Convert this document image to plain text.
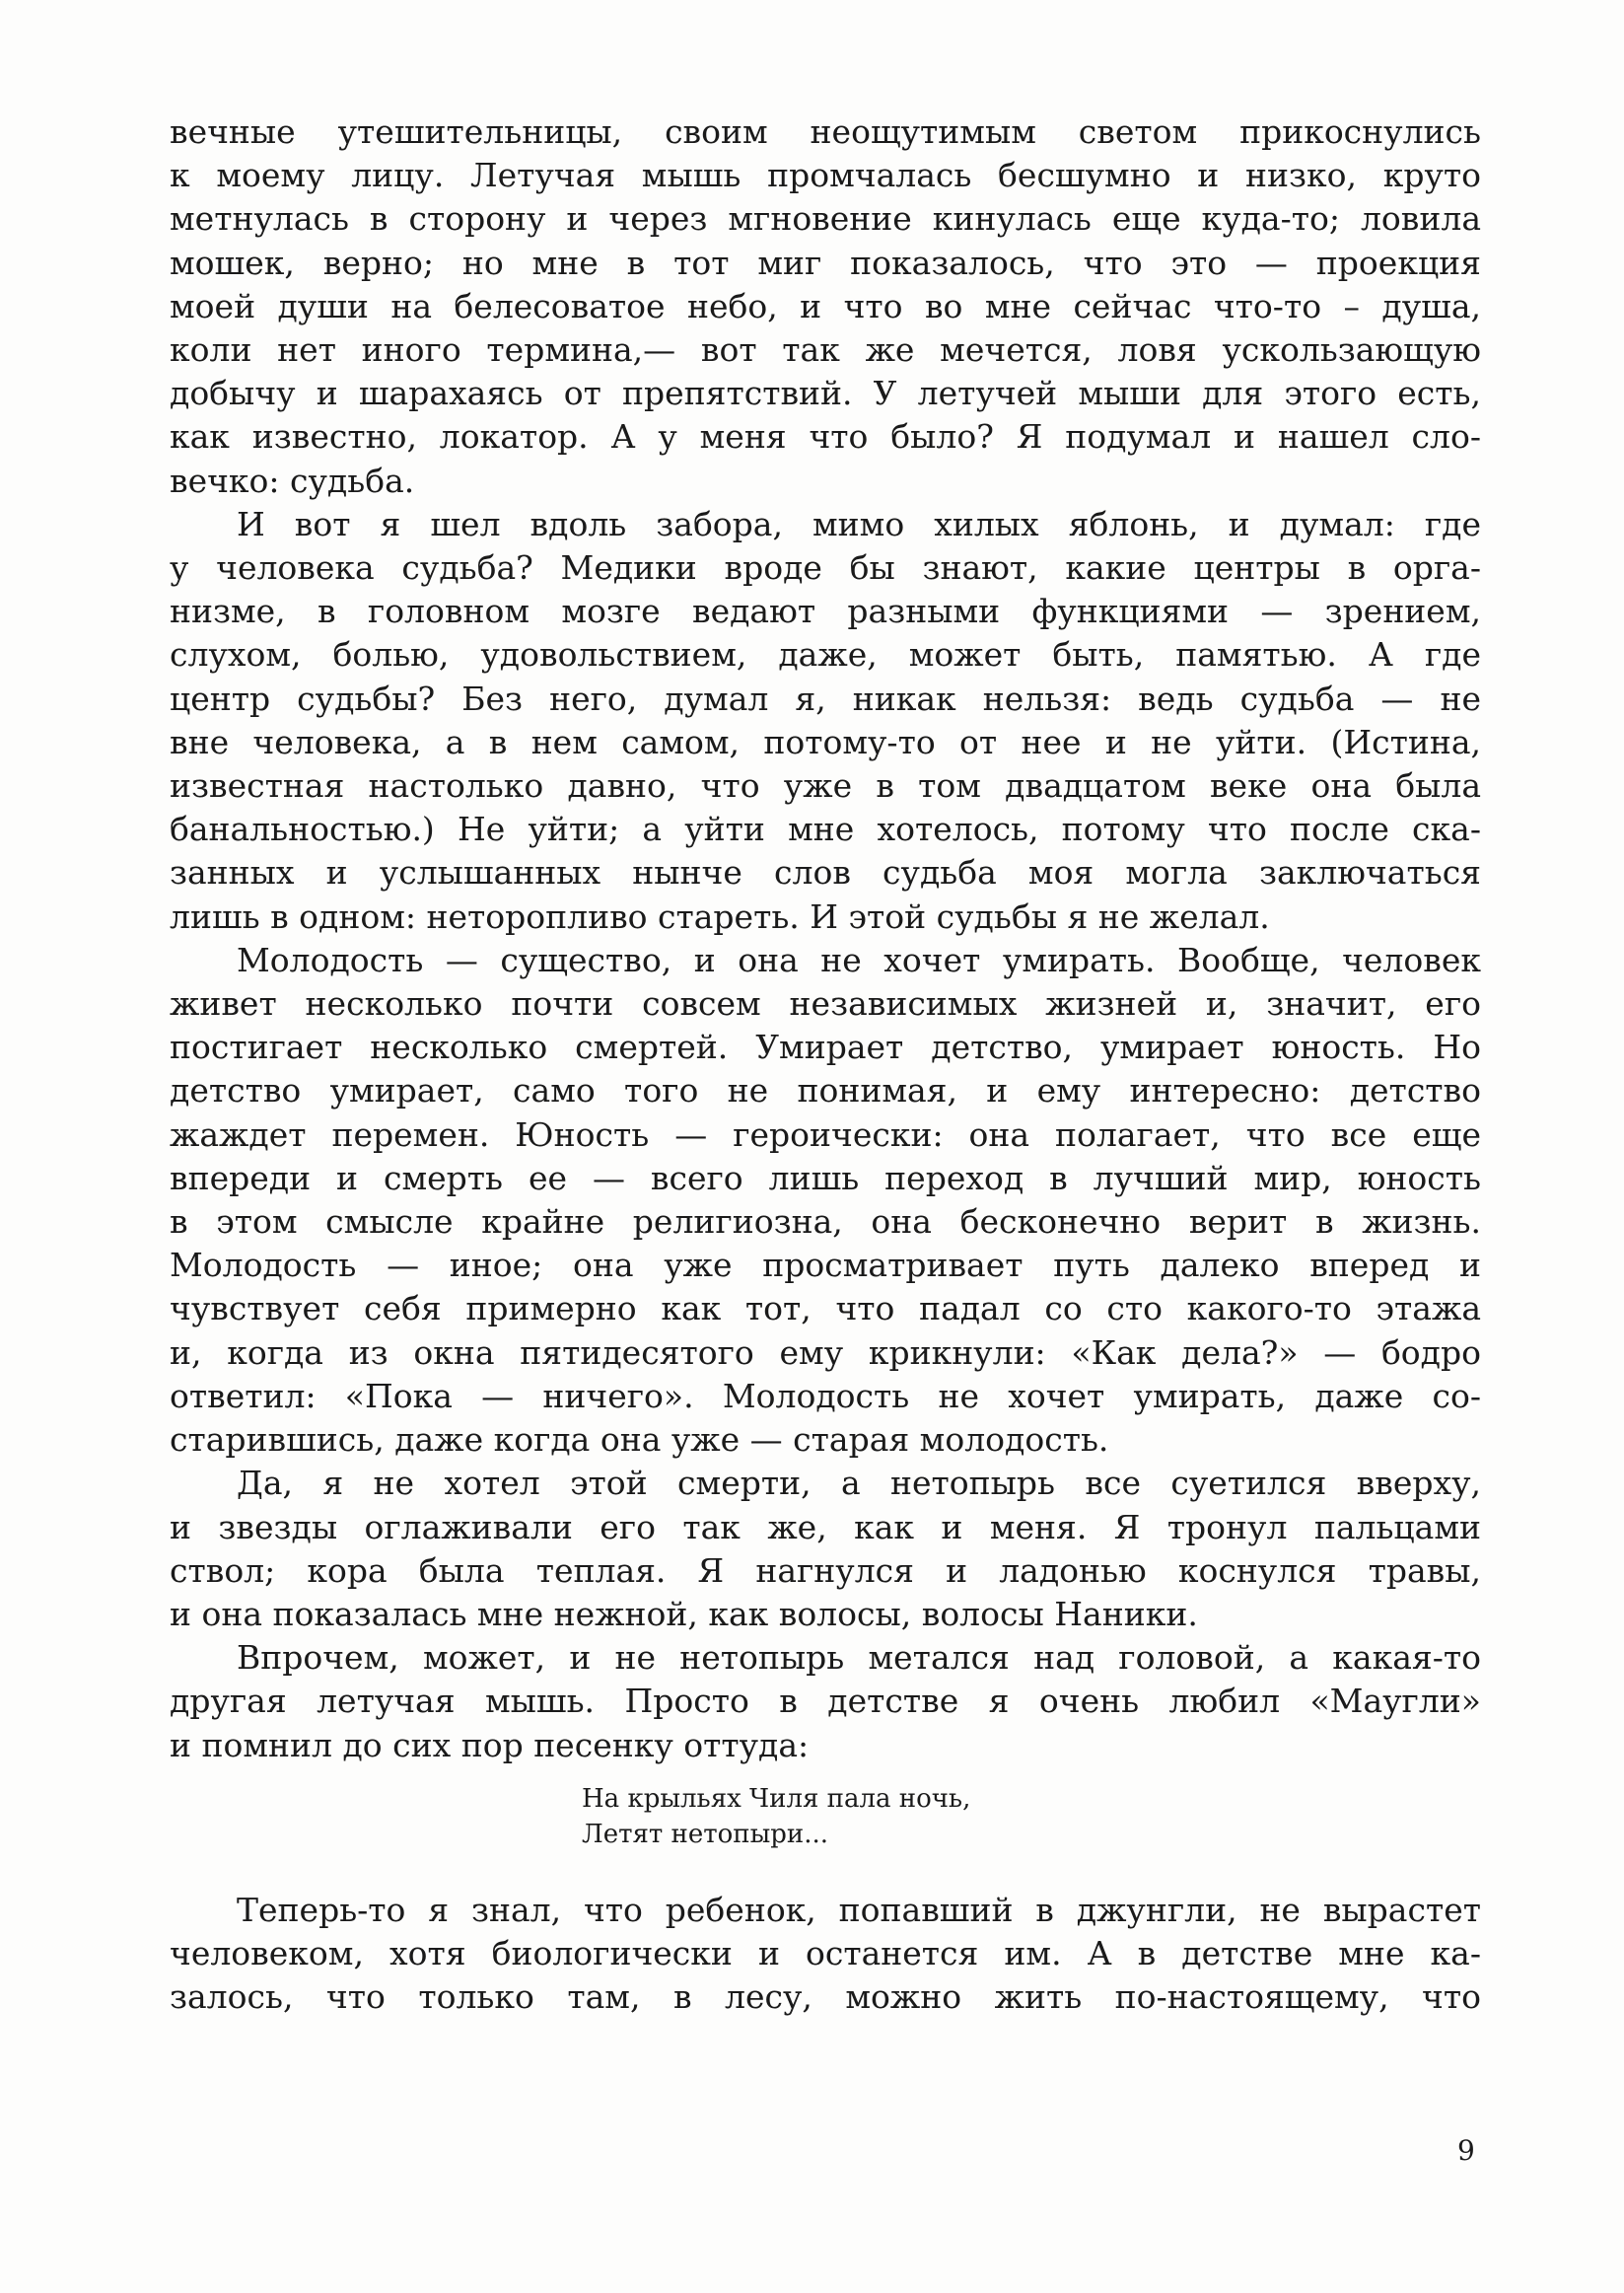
вечные утешительницы, своим неощутимым светом прикоснулись
к моему лицу. Летучая мышь промчалась бесшумно и низко, круто
метнулась в сторону и через мгновение кинулась еще куда-то; ловила
мошек, верно; но мне в тот миг показалось, что это — проекция
моей души на белесоватое небо, и что во мне сейчас что-то – душа,
коли нет иного термина,— вот так же мечется, ловя ускользающую
добычу и шарахаясь от препятствий. У летучей мыши для этого есть,
как известно, локатор. А у меня что было? Я подумал и нашел сло-
вечко: судьба.
И вот я шел вдоль забора, мимо хилых яблонь, и думал: где
у человека судьба? Медики вроде бы знают, какие центры в орга-
низме, в головном мозге ведают разными функциями — зрением,
слухом, болью, удовольствием, даже, может быть, памятью. А где
центр судьбы? Без него, думал я, никак нельзя: ведь судьба — не
вне человека, а в нем самом, потому-то от нее и не уйти. (Истина,
известная настолько давно, что уже в том двадцатом веке она была
банальностью.) Не уйти; а уйти мне хотелось, потому что после ска-
занных и услышанных нынче слов судьба моя могла заключаться
лишь в одном: неторопливо стареть. И этой судьбы я не желал.
Молодость — существо, и она не хочет умирать. Вообще, человек
живет несколько почти совсем независимых жизней и, значит, его
постигает несколько смертей. Умирает детство, умирает юность. Но
детство умирает, само того не понимая, и ему интересно: детство
жаждет перемен. Юность — героически: она полагает, что все еще
впереди и смерть ее — всего лишь переход в лучший мир, юность
в этом смысле крайне религиозна, она бесконечно верит в жизнь.
Молодость — иное; она уже просматривает путь далеко вперед и
чувствует себя примерно как тот, что падал со сто какого-то этажа
и, когда из окна пятидесятого ему крикнули: «Как дела?» — бодро
ответил: «Пока — ничего». Молодость не хочет умирать, даже со-
старившись, даже когда она уже — старая молодость.
Да, я не хотел этой смерти, а нетопырь все суетился вверху,
и звезды оглаживали его так же, как и меня. Я тронул пальцами
ствол; кора была теплая. Я нагнулся и ладонью коснулся травы,
и она показалась мне нежной, как волосы, волосы Наники.
Впрочем, может, и не нетопырь метался над головой, а какая-то
другая летучая мышь. Просто в детстве я очень любил «Маугли»
и помнил до сих пор песенку оттуда:
На крыльях Чиля пала ночь,
Летят нетопыри...
Теперь-то я знал, что ребенок, попавший в джунгли, не вырастет
человеком, хотя биологически и останется им. А в детстве мне ка-
залось, что только там, в лесу, можно жить по-настоящему, что
9
